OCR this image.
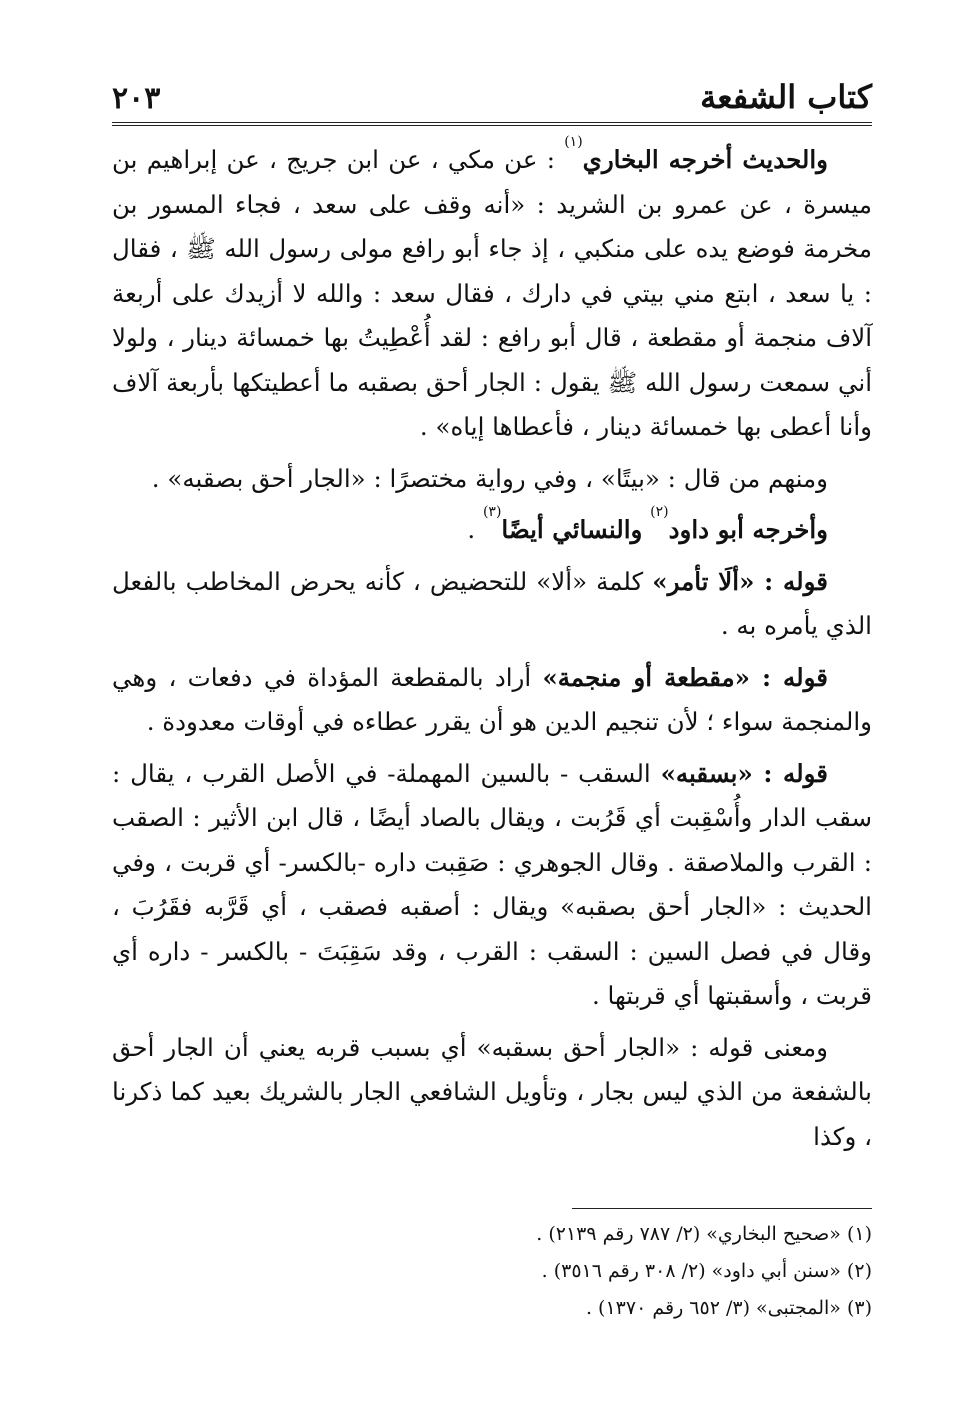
كتاب الشفعة
٢٠٣

والحديث أخرجه البخاري$^{(١)}$ : عن مكي ، عن ابن جريج ، عن إبراهيم بن ميسرة ، عن عمرو بن الشريد : «أنه وقف على سعد ، فجاء المسور بن مخرمة فوضع يده على منكبي ، إذ جاء أبو رافع مولى رسول الله ﷺ ، فقال : يا سعد ، ابتع مني بيتي في دارك ، فقال سعد : والله لا أزيدك على أربعة آلاف منجمة أو مقطعة ، قال أبو رافع : لقد أُعْطِيتُ بها خمسائة دينار ، ولولا أني سمعت رسول الله ﷺ يقول : الجار أحق بصقبه ما أعطيتكها بأربعة آلاف وأنا أعطى بها خمسائة دينار ، فأعطاها إياه» .

ومنهم من قال : «بيتًا» ، وفي رواية مختصرًا : «الجار أحق بصقبه» .

وأخرجه أبو داود$^{(٢)}$ والنسائي أيضًا$^{(٣)}$ .

قوله : «ألَا تأمر» كلمة «ألا» للتحضيض ، كأنه يحرض المخاطب بالفعل الذي يأمره به .

قوله : «مقطعة أو منجمة» أراد بالمقطعة المؤداة في دفعات ، وهي والمنجمة سواء ؛ لأن تنجيم الدين هو أن يقرر عطاءه في أوقات معدودة .

قوله : «بسقبه» السقب - بالسين المهملة- في الأصل القرب ، يقال : سقب الدار وأُسْقِبت أي قَرُبت ، ويقال بالصاد أيضًا ، قال ابن الأثير : الصقب : القرب والملاصقة . وقال الجوهري : صَقِبت داره -بالكسر- أي قربت ، وفي الحديث : «الجار أحق بصقبه» ويقال : أصقبه فصقب ، أي قَرَّبه فقَرُبَ ، وقال في فصل السين : السقب : القرب ، وقد سَقِبَتَ - بالكسر - داره أي قربت ، وأسقبتها أي قربتها .

ومعنى قوله : «الجار أحق بسقبه» أي بسبب قربه يعني أن الجار أحق بالشفعة من الذي ليس بجار ، وتأويل الشافعي الجار بالشريك بعيد كما ذكرنا ، وكذا

(١) «صحيح البخاري» (٢/ ٧٨٧ رقم ٢١٣٩) .
(٢) «سنن أبي داود» (٢/ ٣٠٨ رقم ٣٥١٦) .
(٣) «المجتبى» (٣/ ٦٥٢ رقم ١٣٧٠) .
